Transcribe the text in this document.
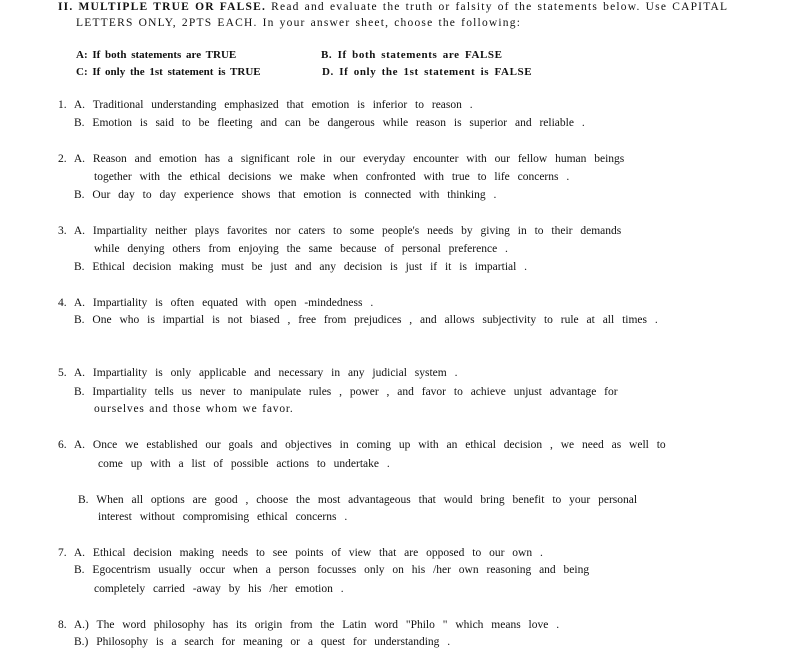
II. MULTIPLE TRUE OR FALSE. Read and evaluate the truth or falsity of the statements below. Use CAPITAL
LETTERS ONLY, 2PTS EACH. In your answer sheet, choose the following:
A: If both statements are TRUE	B. If both statements are FALSE
C: If only the 1st statement is TRUE	D. If only the 1st statement is FALSE
1. A. Traditional understanding emphasized that emotion is inferior to reason .
B. Emotion is said to be fleeting and can be dangerous while reason is superior and reliable .
2. A. Reason and emotion has a significant role in our everyday encounter with our fellow human beings
together with the ethical decisions we make when confronted with true to life concerns .
B. Our day to day experience shows that emotion is connected with thinking .
3. A. Impartiality neither plays favorites nor caters to some people's needs by giving in to their demands
while denying others from enjoying the same because of personal preference .
B. Ethical decision making must be just and any decision is just if it is impartial .
4. A. Impartiality is often equated with open -mindedness .
B. One who is impartial is not biased , free from prejudices , and allows subjectivity to rule at all times .
5. A. Impartiality is only applicable and necessary in any judicial system .
B. Impartiality tells us never to manipulate rules , power , and favor to achieve unjust advantage for
ourselves and those whom we favor.
6. A. Once we established our goals and objectives in coming up with an ethical decision , we need as well to
come up with a list of possible actions to undertake .
B. When all options are good , choose the most advantageous that would bring benefit to your personal
interest without compromising ethical concerns .
7. A. Ethical decision making needs to see points of view that are opposed to our own .
B. Egocentrism usually occur when a person focusses only on his /her own reasoning and being
completely carried -away by his /her emotion .
8. A.) The word philosophy has its origin from the Latin word "Philo " which means love .
B.) Philosophy is a search for meaning or a quest for understanding .
